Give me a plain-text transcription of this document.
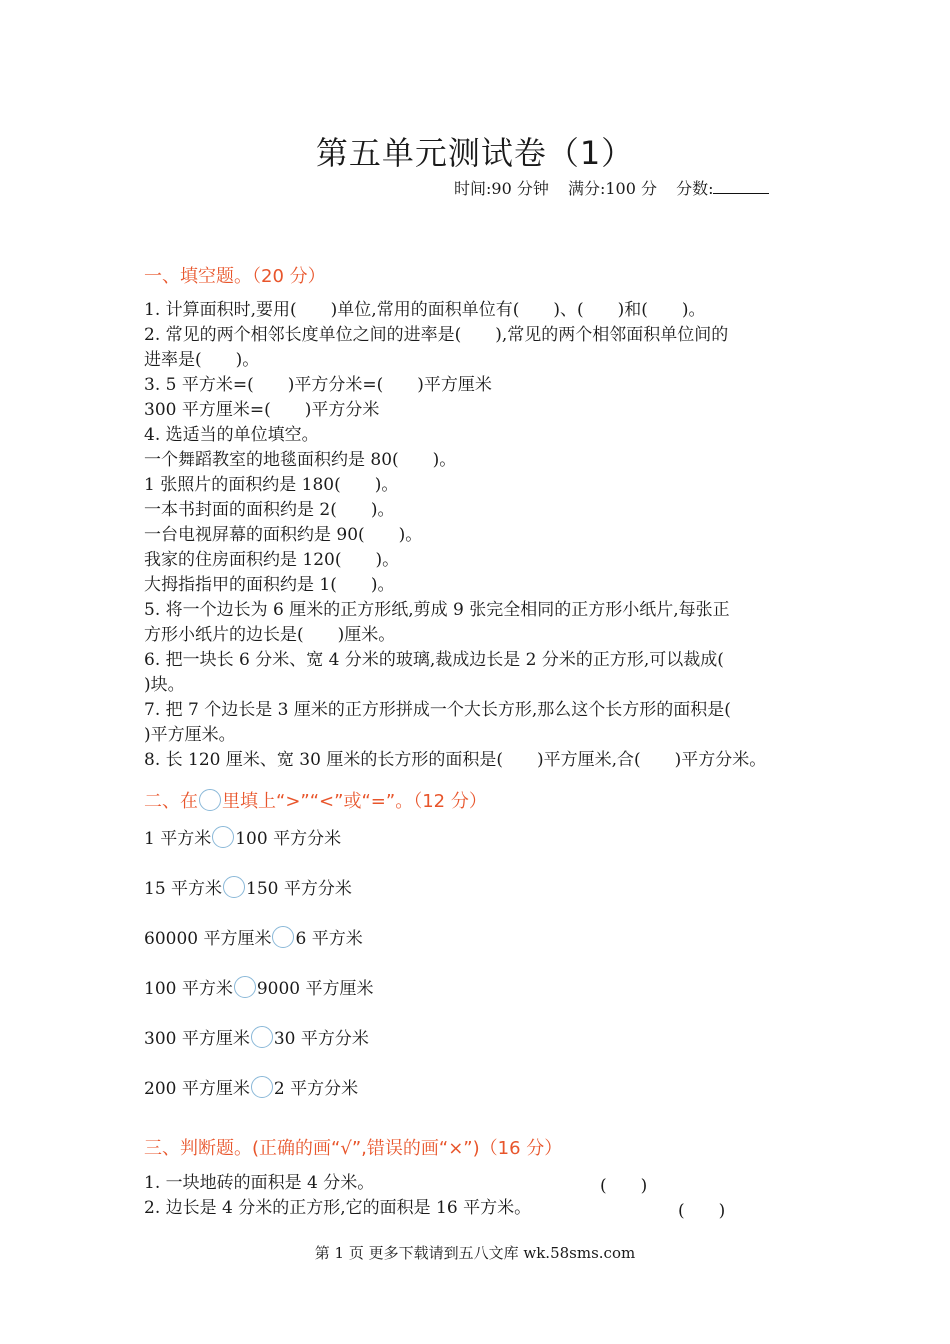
第五单元测试卷（1）
时间:90 分钟 满分:100 分 分数:
一、填空题。（20 分）
1. 计算面积时,要用(　　)单位,常用的面积单位有(　　)、(　　)和(　　)。
2. 常见的两个相邻长度单位之间的进率是(　　),常见的两个相邻面积单位间的
进率是(　　)。
3. 5 平方米=(　　)平方分米=(　　)平方厘米
300 平方厘米=(　　)平方分米
4. 选适当的单位填空。
一个舞蹈教室的地毯面积约是 80(　　)。
1 张照片的面积约是 180(　　)。
一本书封面的面积约是 2(　　)。
一台电视屏幕的面积约是 90(　　)。
我家的住房面积约是 120(　　)。
大拇指指甲的面积约是 1(　　)。
5. 将一个边长为 6 厘米的正方形纸,剪成 9 张完全相同的正方形小纸片,每张正
方形小纸片的边长是(　　)厘米。
6. 把一块长 6 分米、宽 4 分米的玻璃,裁成边长是 2 分米的正方形,可以裁成(
)块。
7. 把 7 个边长是 3 厘米的正方形拼成一个大长方形,那么这个长方形的面积是(
)平方厘米。
8. 长 120 厘米、宽 30 厘米的长方形的面积是(　　)平方厘米,合(　　)平方分米。
二、在 里填上“>”“<”或“=”。（12 分）
1 平方米 100 平方分米
15 平方米 150 平方分米
60000 平方厘米 6 平方米
100 平方米 9000 平方厘米
300 平方厘米 30 平方分米
200 平方厘米 2 平方分米
三、判断题。(正确的画“√”,错误的画“×”)（16 分）
1. 一块地砖的面积是 4 分米。	(　　)
2. 边长是 4 分米的正方形,它的面积是 16 平方米。	(　　)
第 1 页 更多下载请到五八文库 wk.58sms.com
